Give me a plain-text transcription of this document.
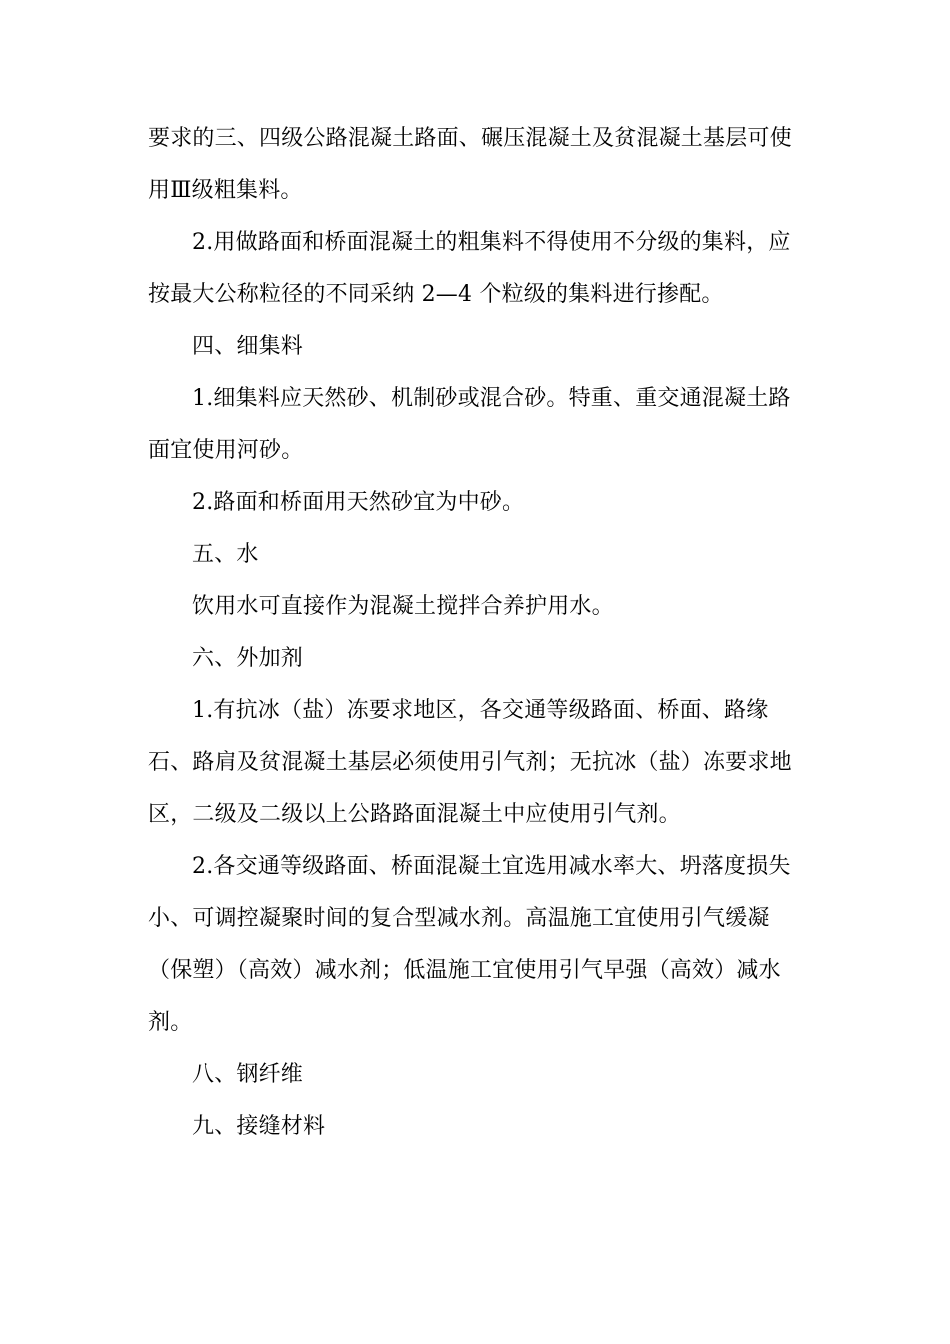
要求的三、四级公路混凝土路面、碾压混凝土及贫混凝土基层可使
用Ⅲ级粗集料。
2.用做路面和桥面混凝土的粗集料不得使用不分级的集料，应
按最大公称粒径的不同采纳 2—4 个粒级的集料进行掺配。
四、细集料
1.细集料应天然砂、机制砂或混合砂。特重、重交通混凝土路
面宜使用河砂。
2.路面和桥面用天然砂宜为中砂。
五、水
饮用水可直接作为混凝土搅拌合养护用水。
六、外加剂
1.有抗冰（盐）冻要求地区，各交通等级路面、桥面、路缘
石、路肩及贫混凝土基层必须使用引气剂；无抗冰（盐）冻要求地
区，二级及二级以上公路路面混凝土中应使用引气剂。
2.各交通等级路面、桥面混凝土宜选用减水率大、坍落度损失
小、可调控凝聚时间的复合型减水剂。高温施工宜使用引气缓凝
（保塑）（高效）减水剂；低温施工宜使用引气早强（高效）减水
剂。
八、钢纤维
九、接缝材料
